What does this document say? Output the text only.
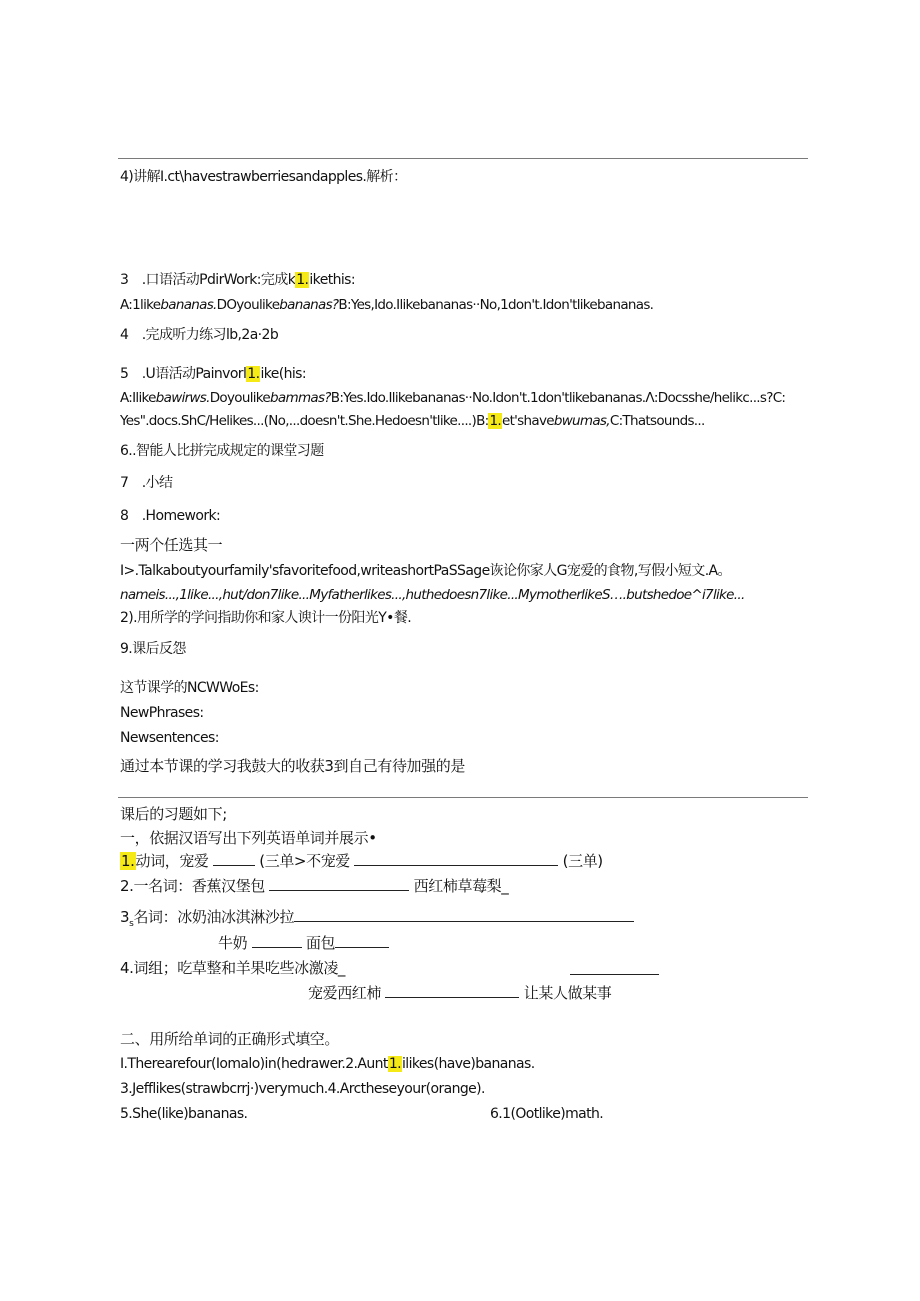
4)讲解I.ct\havestrawberriesandapples.解析：
3　.口语活动PdirWork:完成k1.ikethis:
A:1likebananas.DOyoulikebananas?B:Yes,Ido.Ilikebananas··No,1don't.Idon'tlikebananas.
4　.完成听力练习lb,2a·2b
5　.U语活动Painvorl1.ike(his:
A:Ilikebawirws.Doyoulikebammas?B:Yes.Ido.Ilikebananas··No.Idon't.1don'tlikebananas.Λ:Docsshe/helikc...s?C:
Yes".docs.ShC/Helikes...(No,...doesn't.She.Hedoesn'tlike....)B:1.et'shavebwumas,C:Thatsounds...
6..智能人比拼完成规定的课堂习题
7　.小结
8　.Homework:
一两个任选其一
I>.Talkaboutyourfamily'sfavoritefood,writeashortPaSSage诙论你家人G宠爱的食物,写假小短文.A。
nameis...,1like...,hut/don7like...Myfatherlikes...,huthedoesn7like...MymotherlikeS….butshedoe^i7like...
2).用所学的学问指助你和家人谀计一份阳光Y•餐.
9.课后反怨
这节课学的NCWWoEs:
NewPhrases:
Newsentences:
通过本节课的学习我鼓大的收获3到自己有待加强的是
课后的习题如下;
一，依据汉语写出下列英语单词并展示•
1.动词，宠爱	(三单>不宠爱	(三单)
2.一名词：香蕉汉堡包	西红柿草莓梨_
$3_s$名词：冰奶油冰淇淋沙拉
牛奶	面包
4.词组；吃草整和羊果吃些冰激凌_
宠爱西红柿	让某人做某事
二、用所给单词的正确形式填空。
I.Therearefour(Iomalo)in(hedrawer.2.Aunt1.ilikes(have)bananas.
3.Jefflikes(strawbcrrj·)verymuch.4.Arctheseyour(orange).
5.She(like)bananas.	6.1(Ootlike)math.
